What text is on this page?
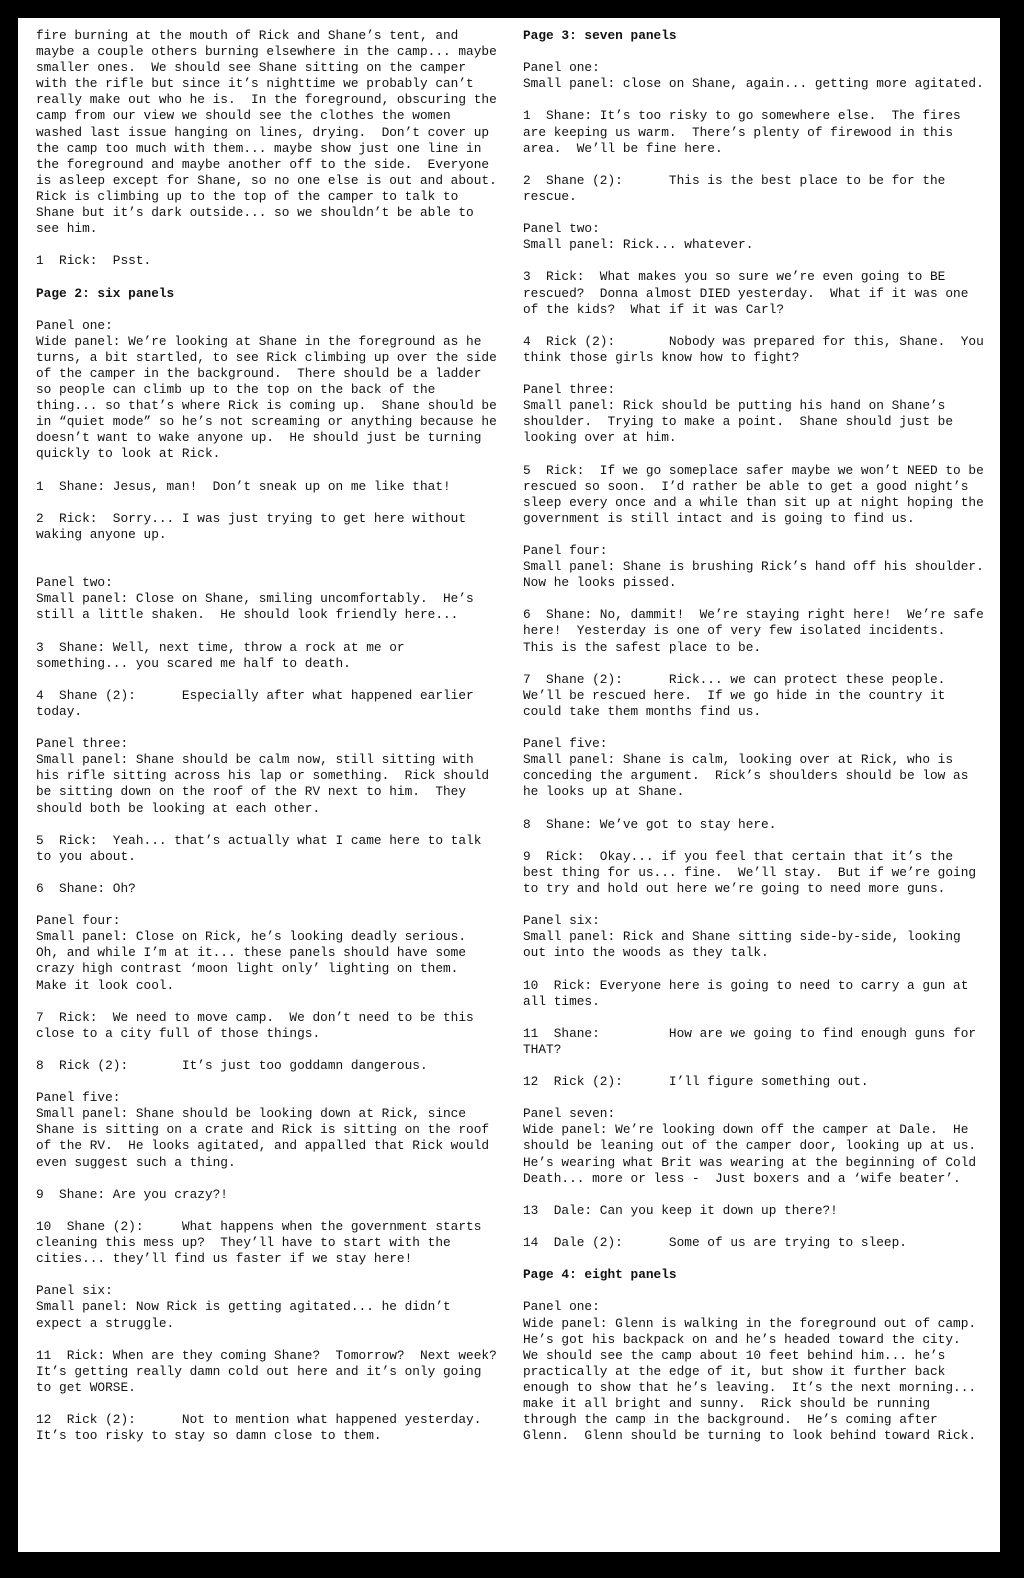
fire burning at the mouth of Rick and Shane’s tent, and maybe a couple others burning elsewhere in the camp... maybe smaller ones.  We should see Shane sitting on the camper with the rifle but since it’s nighttime we probably can’t really make out who he is.  In the foreground, obscuring the camp from our view we should see the clothes the women washed last issue hanging on lines, drying.  Don’t cover up the camp too much with them... maybe show just one line in the foreground and maybe another off to the side.  Everyone is asleep except for Shane, so no one else is out and about.  Rick is climbing up to the top of the camper to talk to Shane but it’s dark outside... so we shouldn’t be able to see him.

1  Rick:  Psst.

Page 2: six panels

Panel one:
Wide panel: We’re looking at Shane in the foreground as he turns, a bit startled, to see Rick climbing up over the side of the camper in the background.  There should be a ladder so people can climb up to the top on the back of the thing... so that’s where Rick is coming up.  Shane should be in “quiet mode” so he’s not screaming or anything because he doesn’t want to wake anyone up.  He should just be turning quickly to look at Rick.

1  Shane: Jesus, man!  Don’t sneak up on me like that!

2  Rick:  Sorry... I was just trying to get here without waking anyone up.

Panel two:
Small panel: Close on Shane, smiling uncomfortably.  He’s still a little shaken.  He should look friendly here...

3  Shane: Well, next time, throw a rock at me or something... you scared me half to death.

4  Shane (2):      Especially after what happened earlier today.

Panel three:
Small panel: Shane should be calm now, still sitting with his rifle sitting across his lap or something.  Rick should be sitting down on the roof of the RV next to him.  They should both be looking at each other.

5  Rick:  Yeah... that’s actually what I came here to talk to you about.

6  Shane: Oh?

Panel four:
Small panel: Close on Rick, he’s looking deadly serious.  Oh, and while I’m at it... these panels should have some crazy high contrast ‘moon light only’ lighting on them.  Make it look cool.

7  Rick:  We need to move camp.  We don’t need to be this close to a city full of those things.

8  Rick (2):       It’s just too goddamn dangerous.

Panel five:
Small panel: Shane should be looking down at Rick, since Shane is sitting on a crate and Rick is sitting on the roof of the RV.  He looks agitated, and appalled that Rick would even suggest such a thing.

9  Shane: Are you crazy?!

10  Shane (2):     What happens when the government starts cleaning this mess up?  They’ll have to start with the cities... they’ll find us faster if we stay here!

Panel six:
Small panel: Now Rick is getting agitated... he didn’t expect a struggle.

11  Rick: When are they coming Shane?  Tomorrow?  Next week?  It’s getting really damn cold out here and it’s only going to get WORSE.

12  Rick (2):      Not to mention what happened yesterday.  It’s too risky to stay so damn close to them.

Page 3: seven panels

Panel one:
Small panel: close on Shane, again... getting more agitated.

1  Shane: It’s too risky to go somewhere else.  The fires are keeping us warm.  There’s plenty of firewood in this area.  We’ll be fine here.

2  Shane (2):      This is the best place to be for the rescue.

Panel two:
Small panel: Rick... whatever.

3  Rick:  What makes you so sure we’re even going to BE rescued?  Donna almost DIED yesterday.  What if it was one of the kids?  What if it was Carl?

4  Rick (2):       Nobody was prepared for this, Shane.  You think those girls know how to fight?

Panel three:
Small panel: Rick should be putting his hand on Shane’s shoulder.  Trying to make a point.  Shane should just be looking over at him.

5  Rick:  If we go someplace safer maybe we won’t NEED to be rescued so soon.  I’d rather be able to get a good night’s sleep every once and a while than sit up at night hoping the government is still intact and is going to find us.

Panel four:
Small panel: Shane is brushing Rick’s hand off his shoulder.  Now he looks pissed.

6  Shane: No, dammit!  We’re staying right here!  We’re safe here!  Yesterday is one of very few isolated incidents.  This is the safest place to be.

7  Shane (2):      Rick... we can protect these people.  We’ll be rescued here.  If we go hide in the country it could take them months find us.

Panel five:
Small panel: Shane is calm, looking over at Rick, who is conceding the argument.  Rick’s shoulders should be low as he looks up at Shane.

8  Shane: We’ve got to stay here.

9  Rick:  Okay... if you feel that certain that it’s the best thing for us... fine.  We’ll stay.  But if we’re going to try and hold out here we’re going to need more guns.

Panel six:
Small panel: Rick and Shane sitting side-by-side, looking out into the woods as they talk.

10  Rick: Everyone here is going to need to carry a gun at all times.

11  Shane:         How are we going to find enough guns for THAT?

12  Rick (2):      I’ll figure something out.

Panel seven:
Wide panel: We’re looking down off the camper at Dale.  He should be leaning out of the camper door, looking up at us.  He’s wearing what Brit was wearing at the beginning of Cold Death... more or less -  Just boxers and a ‘wife beater’.

13  Dale: Can you keep it down up there?!

14  Dale (2):      Some of us are trying to sleep.

Page 4: eight panels

Panel one:
Wide panel: Glenn is walking in the foreground out of camp.  He’s got his backpack on and he’s headed toward the city.  We should see the camp about 10 feet behind him... he’s practically at the edge of it, but show it further back enough to show that he’s leaving.  It’s the next morning... make it all bright and sunny.  Rick should be running through the camp in the background.  He’s coming after Glenn.  Glenn should be turning to look behind toward Rick.
